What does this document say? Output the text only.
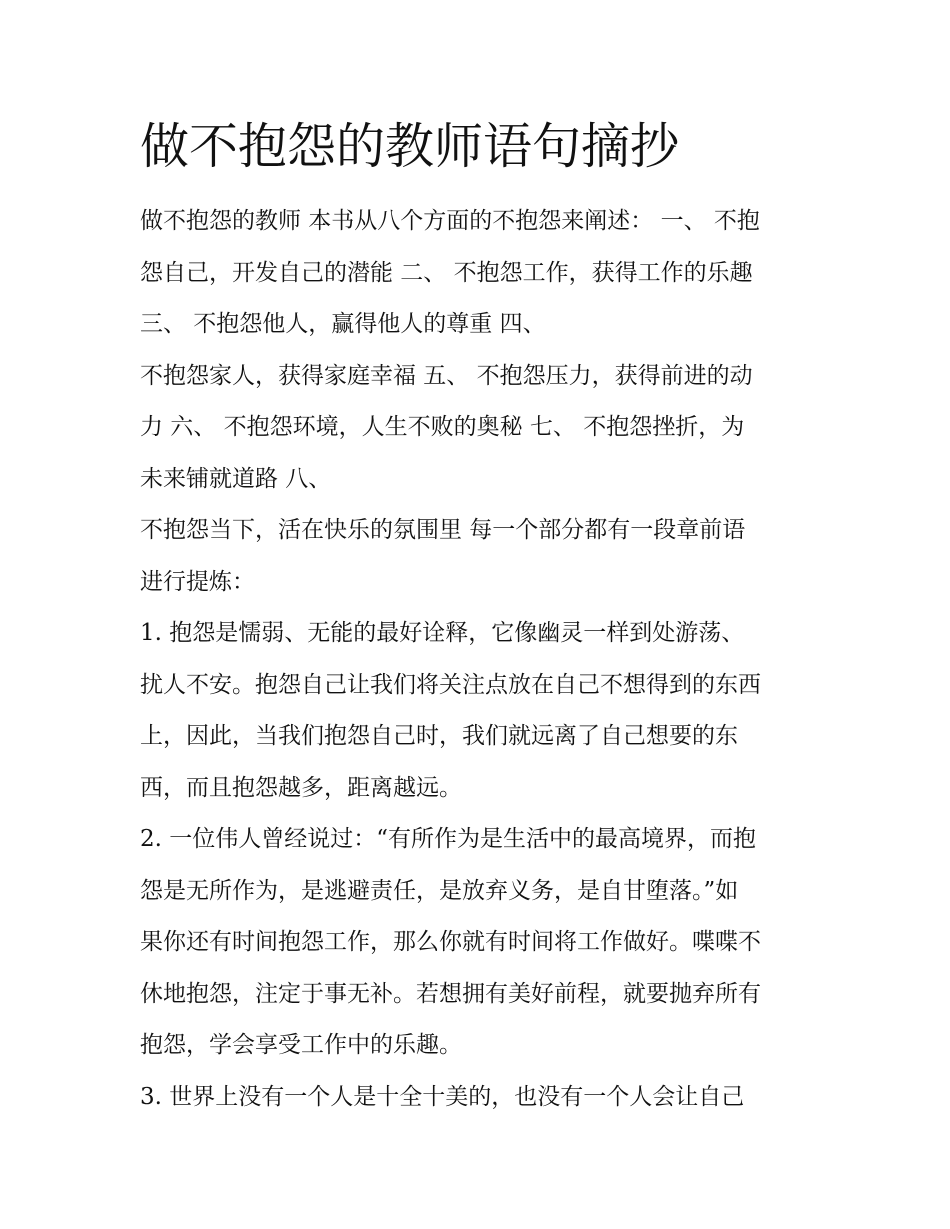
做不抱怨的教师语句摘抄
做不抱怨的教师 本书从八个方面的不抱怨来阐述： 一、 不抱
怨自己，开发自己的潜能 二、 不抱怨工作，获得工作的乐趣
三、 不抱怨他人，赢得他人的尊重 四、
不抱怨家人，获得家庭幸福 五、 不抱怨压力，获得前进的动
力 六、 不抱怨环境，人生不败的奥秘 七、 不抱怨挫折，为
未来铺就道路 八、
不抱怨当下，活在快乐的氛围里 每一个部分都有一段章前语
进行提炼：
1. 抱怨是懦弱、无能的最好诠释，它像幽灵一样到处游荡、
扰人不安。抱怨自己让我们将关注点放在自己不想得到的东西
上，因此，当我们抱怨自己时，我们就远离了自己想要的东
西，而且抱怨越多，距离越远。
2. 一位伟人曾经说过：“有所作为是生活中的最高境界，而抱
怨是无所作为，是逃避责任，是放弃义务，是自甘堕落。”如
果你还有时间抱怨工作，那么你就有时间将工作做好。喋喋不
休地抱怨，注定于事无补。若想拥有美好前程，就要抛弃所有
抱怨，学会享受工作中的乐趣。
3. 世界上没有一个人是十全十美的，也没有一个人会让自己
